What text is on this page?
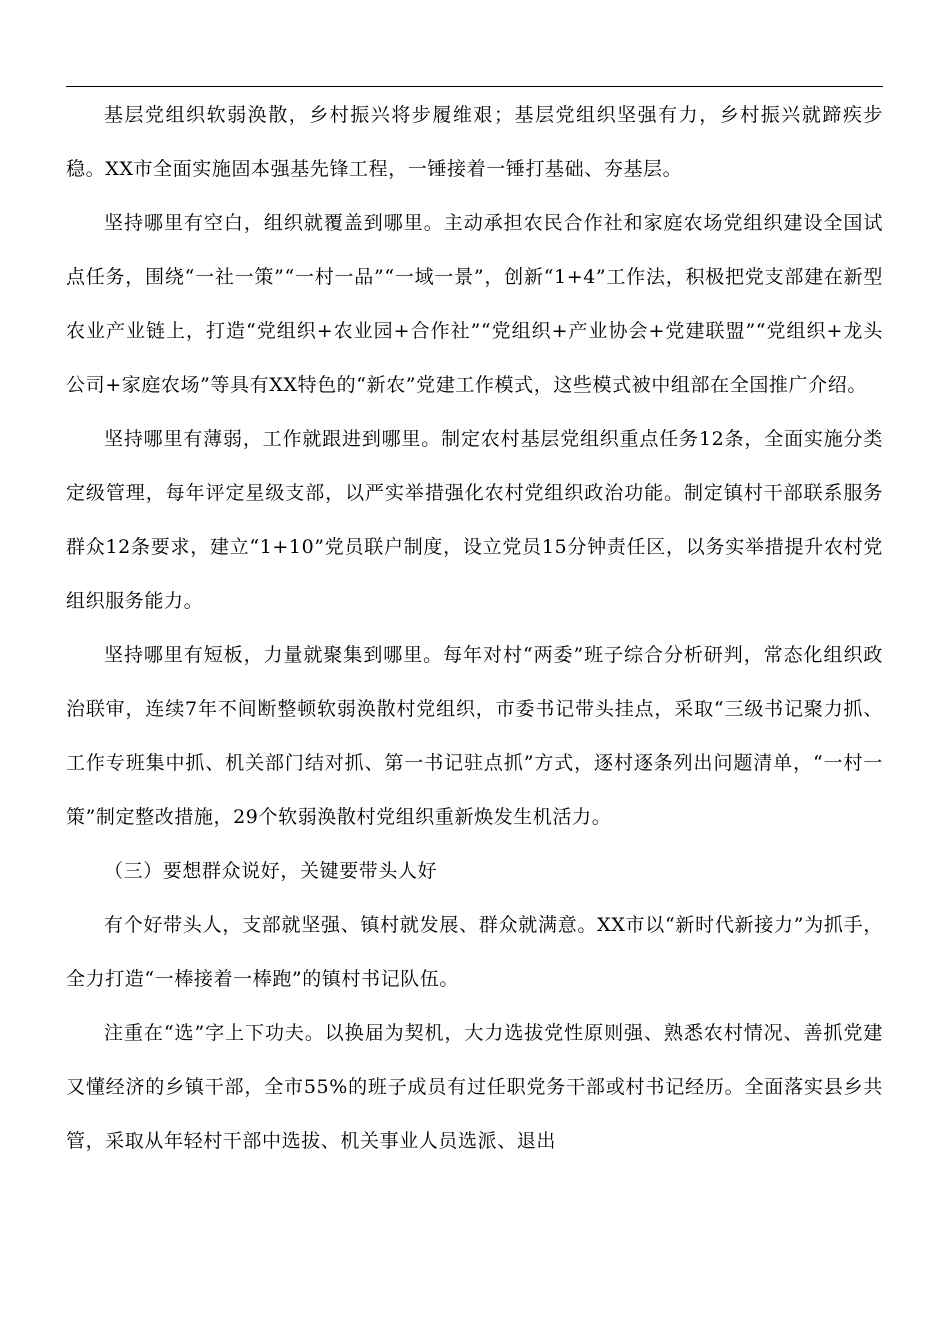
基层党组织软弱涣散，乡村振兴将步履维艰；基层党组织坚强有力，乡村振兴就蹄疾步稳。XX市全面实施固本强基先锋工程，一锤接着一锤打基础、夯基层。

坚持哪里有空白，组织就覆盖到哪里。主动承担农民合作社和家庭农场党组织建设全国试点任务，围绕“一社一策”“一村一品”“一域一景”，创新“1+4”工作法，积极把党支部建在新型农业产业链上，打造“党组织+农业园+合作社”“党组织+产业协会+党建联盟”“党组织+龙头公司+家庭农场”等具有XX特色的“新农”党建工作模式，这些模式被中组部在全国推广介绍。

坚持哪里有薄弱，工作就跟进到哪里。制定农村基层党组织重点任务12条，全面实施分类定级管理，每年评定星级支部，以严实举措强化农村党组织政治功能。制定镇村干部联系服务群众12条要求，建立“1+10”党员联户制度，设立党员15分钟责任区，以务实举措提升农村党组织服务能力。

坚持哪里有短板，力量就聚集到哪里。每年对村“两委”班子综合分析研判，常态化组织政治联审，连续7年不间断整顿软弱涣散村党组织，市委书记带头挂点，采取“三级书记聚力抓、工作专班集中抓、机关部门结对抓、第一书记驻点抓”方式，逐村逐条列出问题清单，“一村一策”制定整改措施，29个软弱涣散村党组织重新焕发生机活力。

（三）要想群众说好，关键要带头人好

有个好带头人，支部就坚强、镇村就发展、群众就满意。XX市以“新时代新接力”为抓手，全力打造“一棒接着一棒跑”的镇村书记队伍。

注重在“选”字上下功夫。以换届为契机，大力选拔党性原则强、熟悉农村情况、善抓党建又懂经济的乡镇干部，全市55%的班子成员有过任职党务干部或村书记经历。全面落实县乡共管，采取从年轻村干部中选拔、机关事业人员选派、退出
